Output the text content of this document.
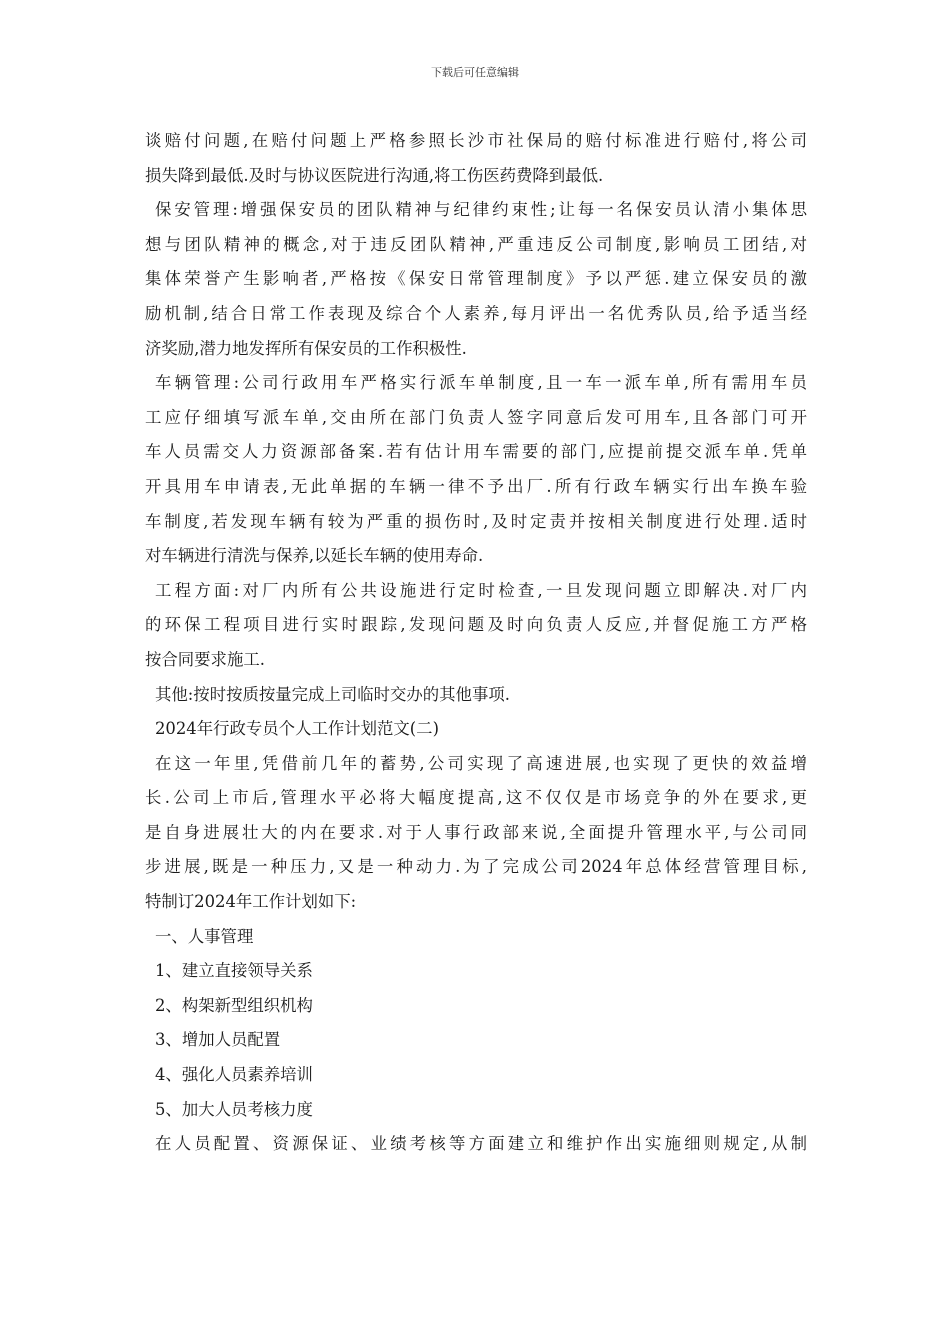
下载后可任意编辑
谈赔付问题,在赔付问题上严格参照长沙市社保局的赔付标准进行赔付,将公司
损失降到最低.及时与协议医院进行沟通,将工伤医药费降到最低.
保安管理:增强保安员的团队精神与纪律约束性;让每一名保安员认清小集体思
想与团队精神的概念,对于违反团队精神,严重违反公司制度,影响员工团结,对
集体荣誉产生影响者,严格按《保安日常管理制度》予以严惩.建立保安员的激
励机制,结合日常工作表现及综合个人素养,每月评出一名优秀队员,给予适当经
济奖励,潜力地发挥所有保安员的工作积极性.
车辆管理:公司行政用车严格实行派车单制度,且一车一派车单,所有需用车员
工应仔细填写派车单,交由所在部门负责人签字同意后发可用车,且各部门可开
车人员需交人力资源部备案.若有估计用车需要的部门,应提前提交派车单.凭单
开具用车申请表,无此单据的车辆一律不予出厂.所有行政车辆实行出车换车验
车制度,若发现车辆有较为严重的损伤时,及时定责并按相关制度进行处理.适时
对车辆进行清洗与保养,以延长车辆的使用寿命.
工程方面:对厂内所有公共设施进行定时检查,一旦发现问题立即解决.对厂内
的环保工程项目进行实时跟踪,发现问题及时向负责人反应,并督促施工方严格
按合同要求施工.
其他:按时按质按量完成上司临时交办的其他事项.
2024年行政专员个人工作计划范文(二)
在这一年里,凭借前几年的蓄势,公司实现了高速进展,也实现了更快的效益增
长.公司上市后,管理水平必将大幅度提高,这不仅仅是市场竞争的外在要求,更
是自身进展壮大的内在要求.对于人事行政部来说,全面提升管理水平,与公司同
步进展,既是一种压力,又是一种动力.为了完成公司2024年总体经营管理目标,
特制订2024年工作计划如下:
一、人事管理
1、建立直接领导关系
2、构架新型组织机构
3、增加人员配置
4、强化人员素养培训
5、加大人员考核力度
在人员配置、资源保证、业绩考核等方面建立和维护作出实施细则规定,从制
